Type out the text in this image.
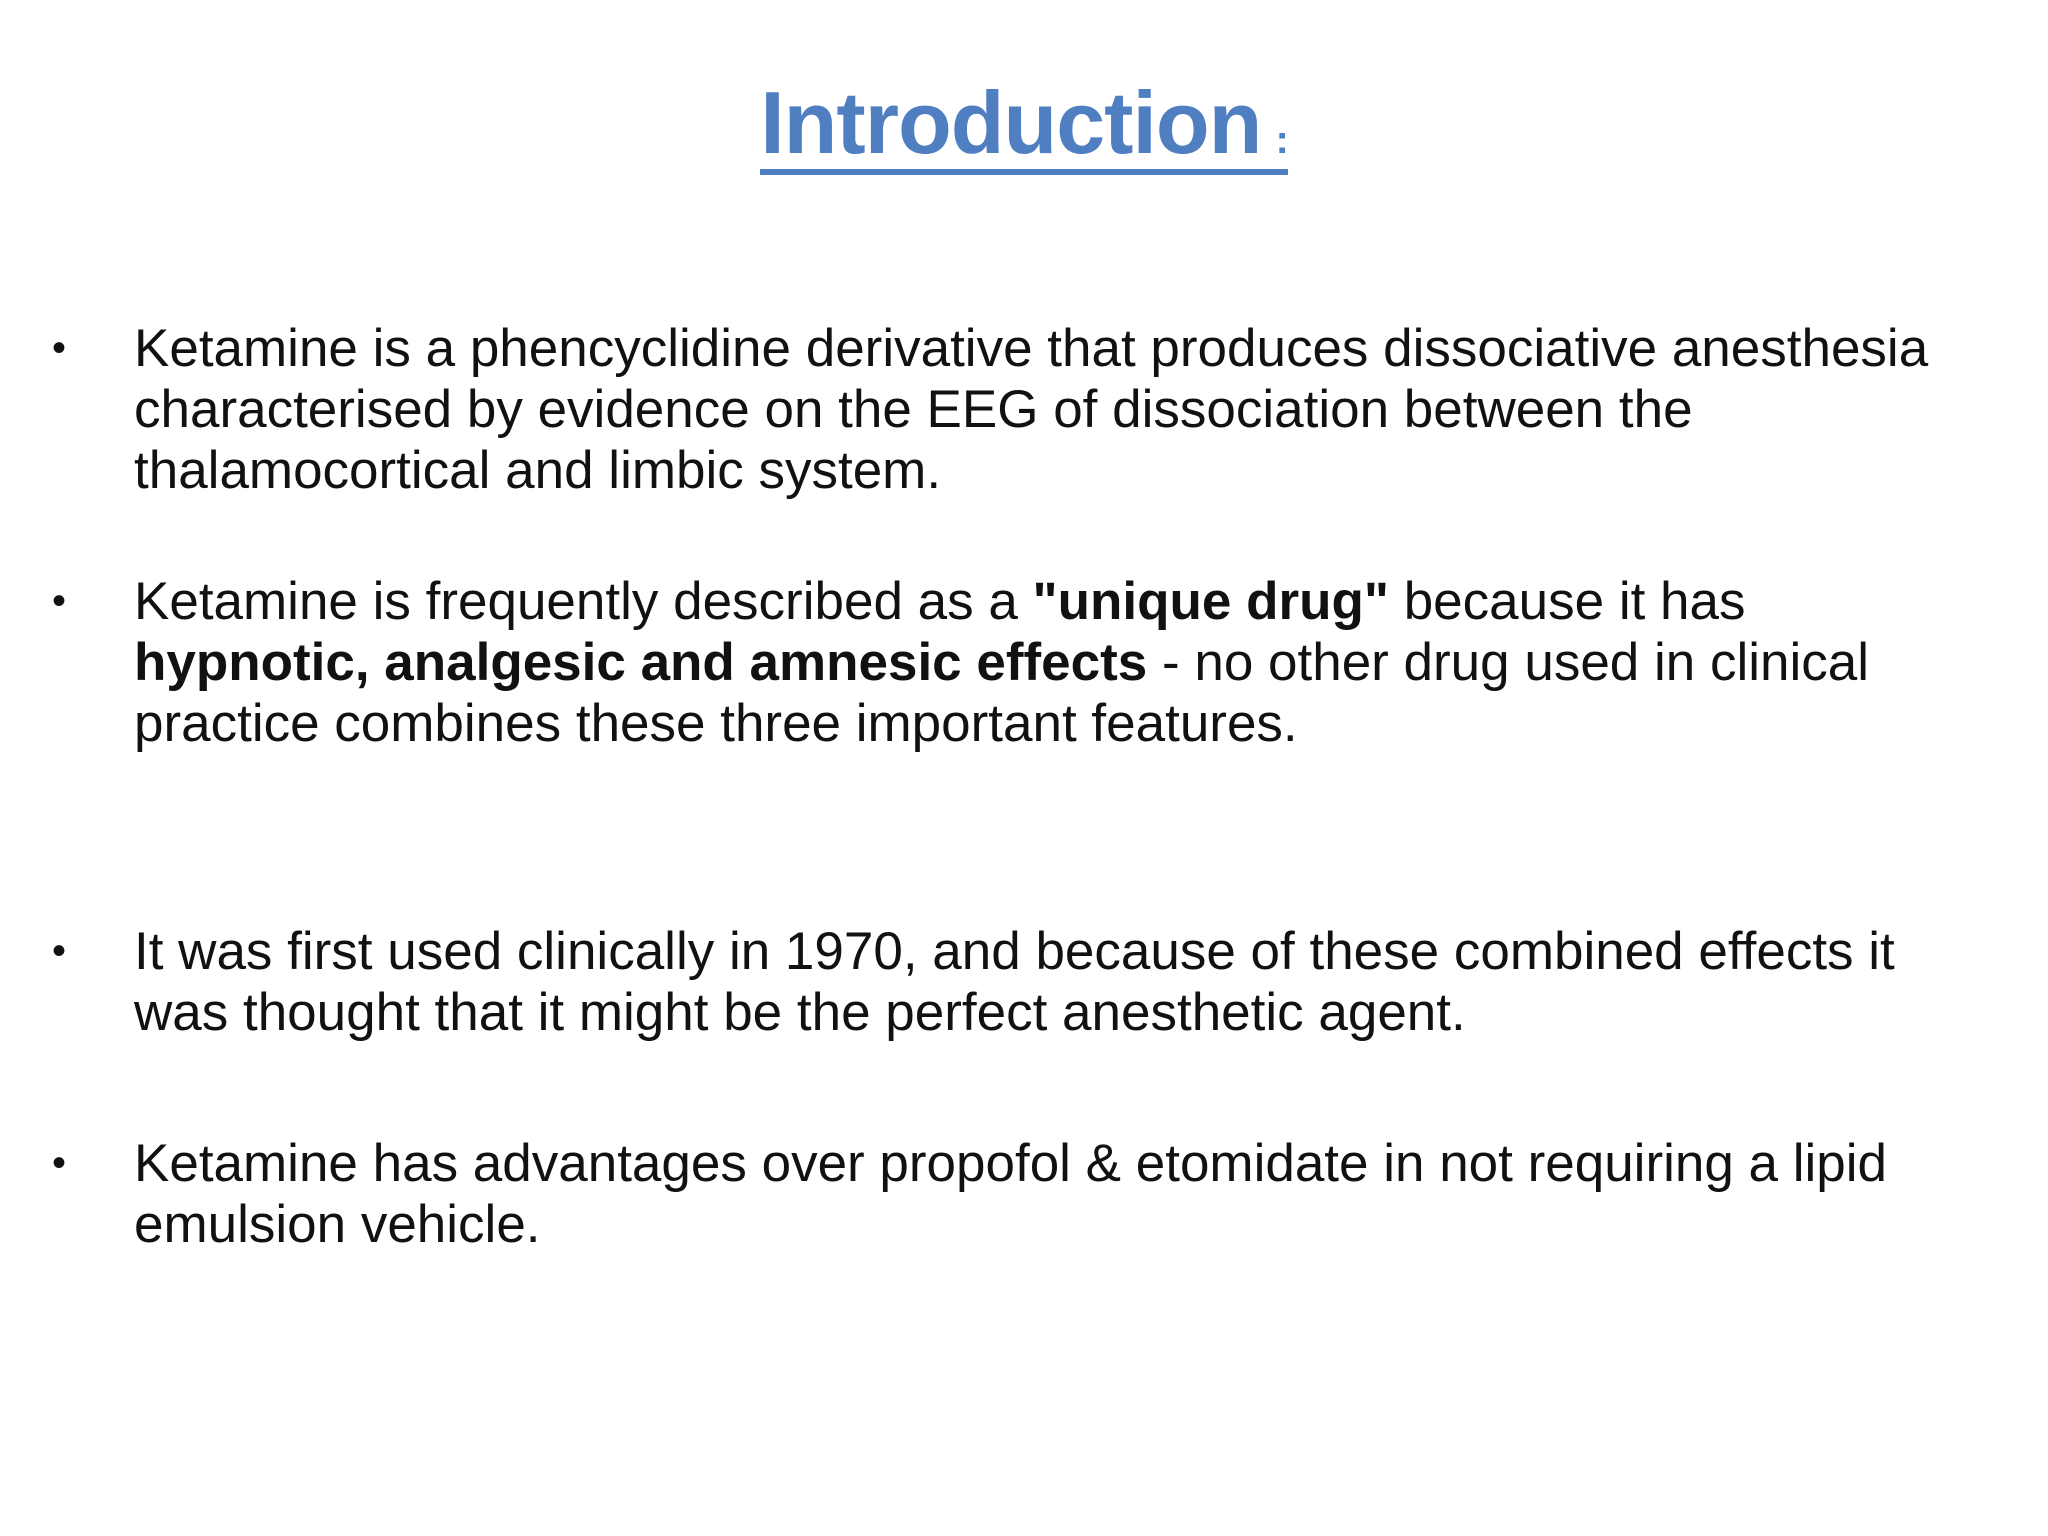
Introduction :
•	Ketamine is a phencyclidine derivative that produces dissociative anesthesia characterised by evidence on the EEG of dissociation between the thalamocortical and limbic system.
•	Ketamine is frequently described as a "unique drug" because it has hypnotic, analgesic and amnesic effects - no other drug used in clinical practice combines these three important features.
•	It was first used clinically in 1970, and because of these combined effects it was thought that it might be the perfect anesthetic agent.
•	Ketamine has advantages over propofol & etomidate in not requiring a lipid emulsion vehicle.
